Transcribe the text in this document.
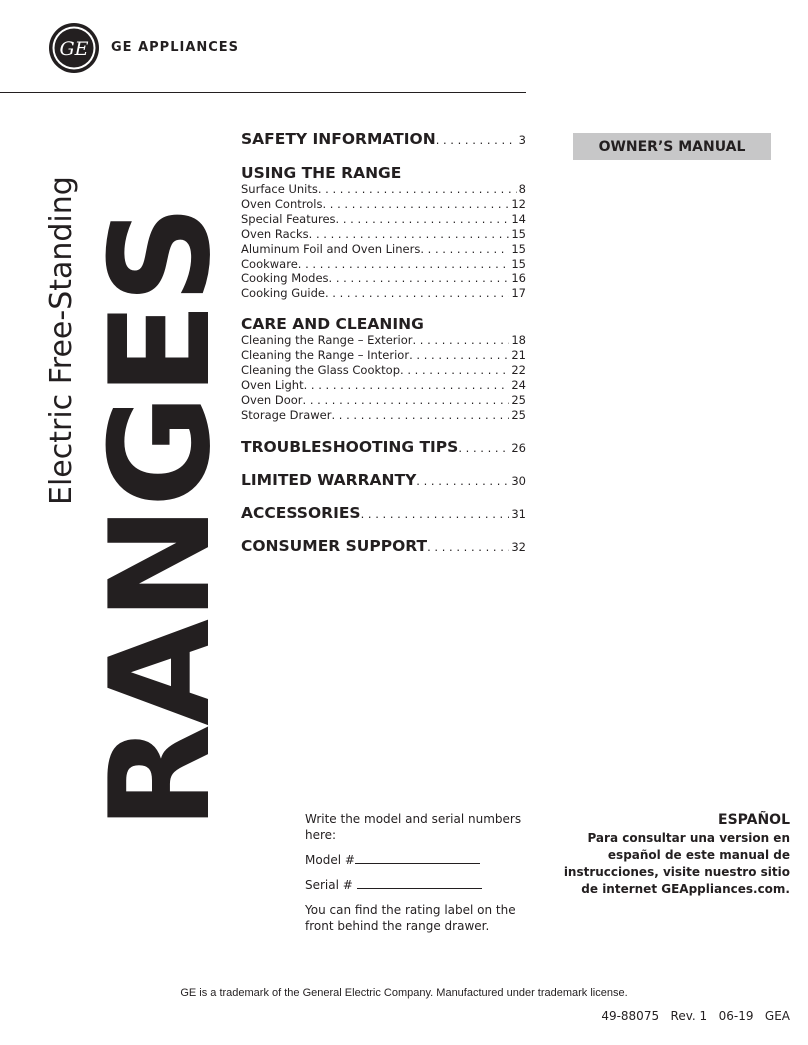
GE GE APPLIANCES
RANGES
Electric Free-Standing
OWNER’S MANUAL
SAFETY INFORMATION . . .	3
USING THE RANGE
Surface Units . . .	8
Oven Controls . . .	12
Special Features . . .	14
Oven Racks . . .	15
Aluminum Foil and Oven Liners . . .	15
Cookware . . .	15
Cooking Modes . . .	16
Cooking Guide . . .	17
CARE AND CLEANING
Cleaning the Range – Exterior . . .	18
Cleaning the Range – Interior . . .	21
Cleaning the Glass Cooktop . . .	22
Oven Light . . .	24
Oven Door . . .	25
Storage Drawer . . .	25
TROUBLESHOOTING TIPS . . .	26
LIMITED WARRANTY . . .	30
ACCESSORIES . . .	31
CONSUMER SUPPORT . . .	32

Write the model and serial numbers here:

Model #

Serial #

You can find the rating label on the front behind the range drawer.

ESPAÑOL
Para consultar una version en español de este manual de instrucciones, visite nuestro sitio de internet GEAppliances.com.
GE is a trademark of the General Electric Company. Manufactured under trademark license.
49-88075   Rev. 1   06-19   GEA
